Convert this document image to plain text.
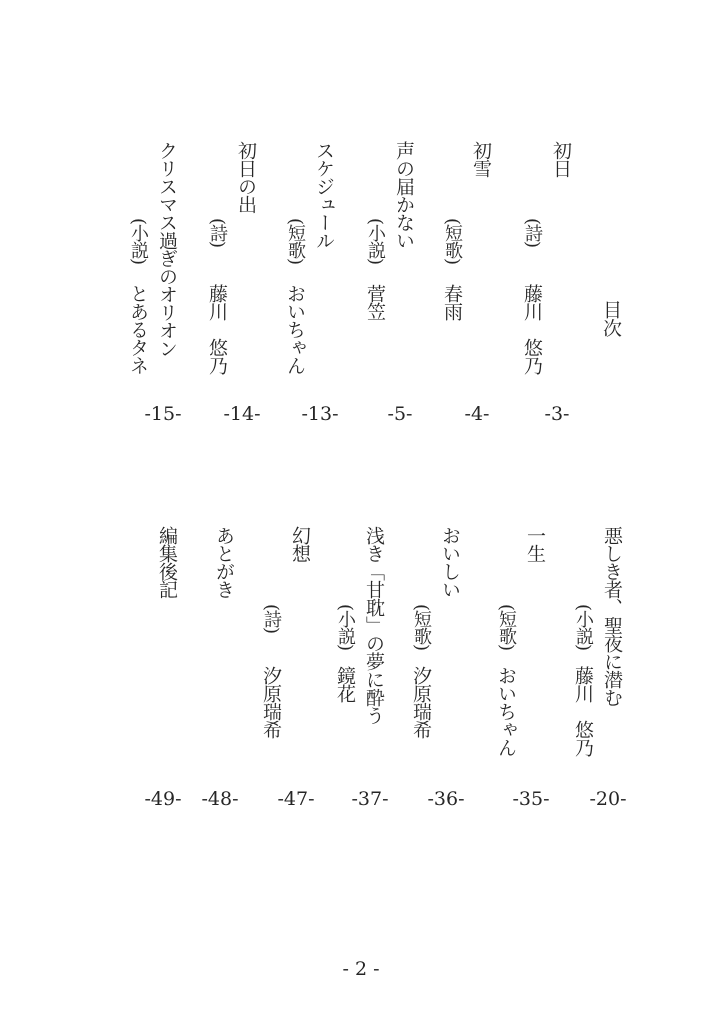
目次
初日
(詩)
藤川　悠乃
-3-
初雪
(短歌)
春雨
-4-
声の届かない
(小説)
菅笠
-5-
スケジュール
(短歌)
おいちゃん
-13-
初日の出
(詩)
藤川　悠乃
-14-
クリスマス過ぎのオリオン
(小説)
とあるタネ
-15-
悪しき者、聖夜に潜む
(小説)
藤川　悠乃
-20-
一生
(短歌)
おいちゃん
-35-
おいしい
(短歌)
汐原瑞希
-36-
浅き「甘耽」の夢に酔う
(小説)
鏡花
-37-
幻想
(詩)
汐原瑞希
-47-
あとがき
-48-
編集後記
-49-
- 2 -
